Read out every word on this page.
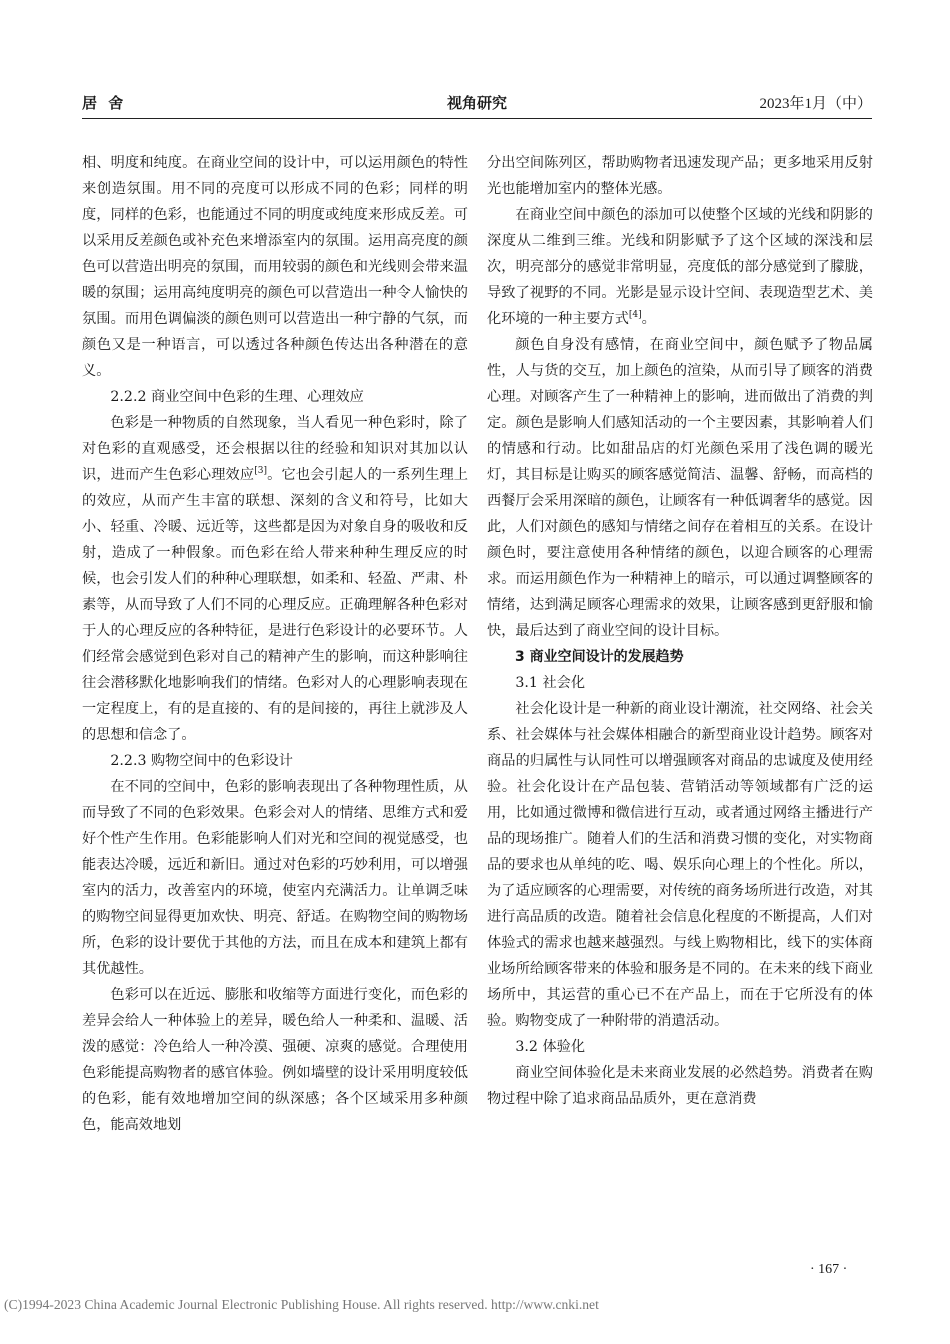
居 舍	视角研究	2023年1月（中）

相、明度和纯度。在商业空间的设计中，可以运用颜色的特性来创造氛围。用不同的亮度可以形成不同的色彩；同样的明度，同样的色彩，也能通过不同的明度或纯度来形成反差。可以采用反差颜色或补充色来增添室内的氛围。运用高亮度的颜色可以营造出明亮的氛围，而用较弱的颜色和光线则会带来温暖的氛围；运用高纯度明亮的颜色可以营造出一种令人愉快的氛围。而用色调偏淡的颜色则可以营造出一种宁静的气氛，而颜色又是一种语言，可以透过各种颜色传达出各种潜在的意义。

2.2.2 商业空间中色彩的生理、心理效应

色彩是一种物质的自然现象，当人看见一种色彩时，除了对色彩的直观感受，还会根据以往的经验和知识对其加以认识，进而产生色彩心理效应[3]。它也会引起人的一系列生理上的效应，从而产生丰富的联想、深刻的含义和符号，比如大小、轻重、冷暖、远近等，这些都是因为对象自身的吸收和反射，造成了一种假象。而色彩在给人带来种种生理反应的时候，也会引发人们的种种心理联想，如柔和、轻盈、严肃、朴素等，从而导致了人们不同的心理反应。正确理解各种色彩对于人的心理反应的各种特征，是进行色彩设计的必要环节。人们经常会感觉到色彩对自己的精神产生的影响，而这种影响往往会潜移默化地影响我们的情绪。色彩对人的心理影响表现在一定程度上，有的是直接的、有的是间接的，再往上就涉及人的思想和信念了。

2.2.3 购物空间中的色彩设计

在不同的空间中，色彩的影响表现出了各种物理性质，从而导致了不同的色彩效果。色彩会对人的情绪、思维方式和爱好个性产生作用。色彩能影响人们对光和空间的视觉感受，也能表达冷暖，远近和新旧。通过对色彩的巧妙利用，可以增强室内的活力，改善室内的环境，使室内充满活力。让单调乏味的购物空间显得更加欢快、明亮、舒适。在购物空间的购物场所，色彩的设计要优于其他的方法，而且在成本和建筑上都有其优越性。

色彩可以在近远、膨胀和收缩等方面进行变化，而色彩的差异会给人一种体验上的差异，暖色给人一种柔和、温暖、活泼的感觉：冷色给人一种冷漠、强硬、凉爽的感觉。合理使用色彩能提高购物者的感官体验。例如墙壁的设计采用明度较低的色彩，能有效地增加空间的纵深感；各个区域采用多种颜色，能高效地划

分出空间陈列区，帮助购物者迅速发现产品；更多地采用反射光也能增加室内的整体光感。

在商业空间中颜色的添加可以使整个区域的光线和阴影的深度从二维到三维。光线和阴影赋予了这个区域的深浅和层次，明亮部分的感觉非常明显，亮度低的部分感觉到了朦胧，导致了视野的不同。光影是显示设计空间、表现造型艺术、美化环境的一种主要方式[4]。

颜色自身没有感情，在商业空间中，颜色赋予了物品属性，人与货的交互，加上颜色的渲染，从而引导了顾客的消费心理。对顾客产生了一种精神上的影响，进而做出了消费的判定。颜色是影响人们感知活动的一个主要因素，其影响着人们的情感和行动。比如甜品店的灯光颜色采用了浅色调的暖光灯，其目标是让购买的顾客感觉简洁、温馨、舒畅，而高档的西餐厅会采用深暗的颜色，让顾客有一种低调奢华的感觉。因此，人们对颜色的感知与情绪之间存在着相互的关系。在设计颜色时，要注意使用各种情绪的颜色，以迎合顾客的心理需求。而运用颜色作为一种精神上的暗示，可以通过调整顾客的情绪，达到满足顾客心理需求的效果，让顾客感到更舒服和愉快，最后达到了商业空间的设计目标。

3 商业空间设计的发展趋势

3.1 社会化

社会化设计是一种新的商业设计潮流，社交网络、社会关系、社会媒体与社会媒体相融合的新型商业设计趋势。顾客对商品的归属性与认同性可以增强顾客对商品的忠诚度及使用经验。社会化设计在产品包装、营销活动等领域都有广泛的运用，比如通过微博和微信进行互动，或者通过网络主播进行产品的现场推广。随着人们的生活和消费习惯的变化，对实物商品的要求也从单纯的吃、喝、娱乐向心理上的个性化。所以，为了适应顾客的心理需要，对传统的商务场所进行改造，对其进行高品质的改造。随着社会信息化程度的不断提高，人们对体验式的需求也越来越强烈。与线上购物相比，线下的实体商业场所给顾客带来的体验和服务是不同的。在未来的线下商业场所中，其运营的重心已不在产品上，而在于它所没有的体验。购物变成了一种附带的消遣活动。

3.2 体验化

商业空间体验化是未来商业发展的必然趋势。消费者在购物过程中除了追求商品品质外，更在意消费

· 167 ·
(C)1994-2023 China Academic Journal Electronic Publishing House. All rights reserved. http://www.cnki.net
